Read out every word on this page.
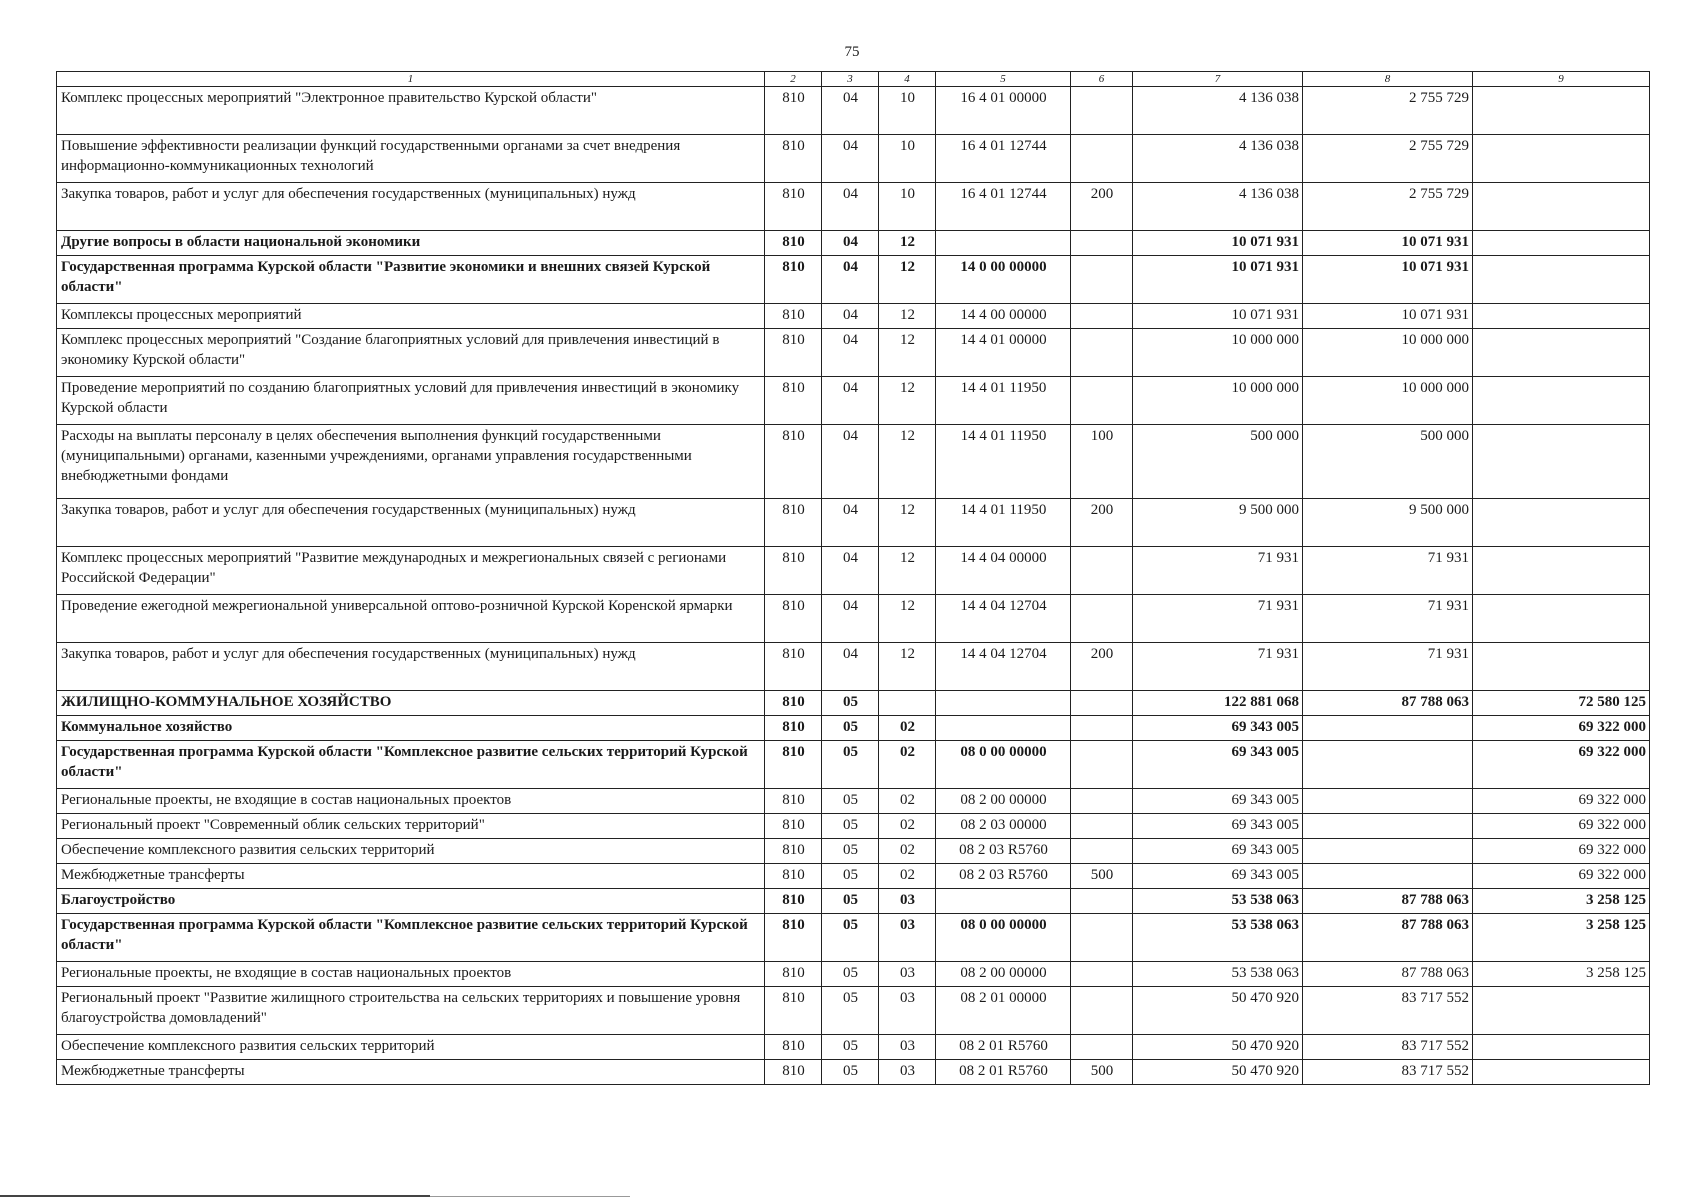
75
1	2	3	4	5	6	7	8	9
Комплекс процессных мероприятий "Электронное правительство Курской области"	810	04	10	16 4 01 00000		4 136 038	2 755 729	
Повышение эффективности реализации функций государственными органами за счет внедрения информационно-коммуникационных технологий	810	04	10	16 4 01 12744		4 136 038	2 755 729	
Закупка товаров, работ и услуг для обеспечения государственных (муниципальных) нужд	810	04	10	16 4 01 12744	200	4 136 038	2 755 729	
Другие вопросы в области национальной экономики	810	04	12			10 071 931	10 071 931	
Государственная программа Курской области "Развитие экономики и внешних связей Курской области"	810	04	12	14 0 00 00000		10 071 931	10 071 931	
Комплексы процессных мероприятий	810	04	12	14 4 00 00000		10 071 931	10 071 931	
Комплекс процессных мероприятий "Создание благоприятных условий для привлечения инвестиций в экономику Курской области"	810	04	12	14 4 01 00000		10 000 000	10 000 000	
Проведение мероприятий по созданию благоприятных условий для привлечения инвестиций в экономику Курской области	810	04	12	14 4 01 11950		10 000 000	10 000 000	
Расходы на выплаты персоналу в целях обеспечения выполнения функций государственными (муниципальными) органами, казенными учреждениями, органами управления государственными внебюджетными фондами	810	04	12	14 4 01 11950	100	500 000	500 000	
Закупка товаров, работ и услуг для обеспечения государственных (муниципальных) нужд	810	04	12	14 4 01 11950	200	9 500 000	9 500 000	
Комплекс процессных мероприятий "Развитие международных и межрегиональных связей с регионами Российской Федерации"	810	04	12	14 4 04 00000		71 931	71 931	
Проведение ежегодной межрегиональной универсальной оптово-розничной Курской Коренской ярмарки	810	04	12	14 4 04 12704		71 931	71 931	
Закупка товаров, работ и услуг для обеспечения государственных (муниципальных) нужд	810	04	12	14 4 04 12704	200	71 931	71 931	
ЖИЛИЩНО-КОММУНАЛЬНОЕ ХОЗЯЙСТВО	810	05				122 881 068	87 788 063	72 580 125
Коммунальное хозяйство	810	05	02			69 343 005		69 322 000
Государственная программа Курской области "Комплексное развитие сельских территорий Курской области"	810	05	02	08 0 00 00000		69 343 005		69 322 000
Региональные проекты, не входящие в состав национальных проектов	810	05	02	08 2 00 00000		69 343 005		69 322 000
Региональный проект "Современный облик сельских территорий"	810	05	02	08 2 03 00000		69 343 005		69 322 000
Обеспечение комплексного развития сельских территорий	810	05	02	08 2 03 R5760		69 343 005		69 322 000
Межбюджетные трансферты	810	05	02	08 2 03 R5760	500	69 343 005		69 322 000
Благоустройство	810	05	03			53 538 063	87 788 063	3 258 125
Государственная программа Курской области "Комплексное развитие сельских территорий Курской области"	810	05	03	08 0 00 00000		53 538 063	87 788 063	3 258 125
Региональные проекты, не входящие в состав национальных проектов	810	05	03	08 2 00 00000		53 538 063	87 788 063	3 258 125
Региональный проект "Развитие жилищного строительства на сельских территориях и повышение уровня благоустройства домовладений"	810	05	03	08 2 01 00000		50 470 920	83 717 552	
Обеспечение комплексного развития сельских территорий	810	05	03	08 2 01 R5760		50 470 920	83 717 552	
Межбюджетные трансферты	810	05	03	08 2 01 R5760	500	50 470 920	83 717 552	
